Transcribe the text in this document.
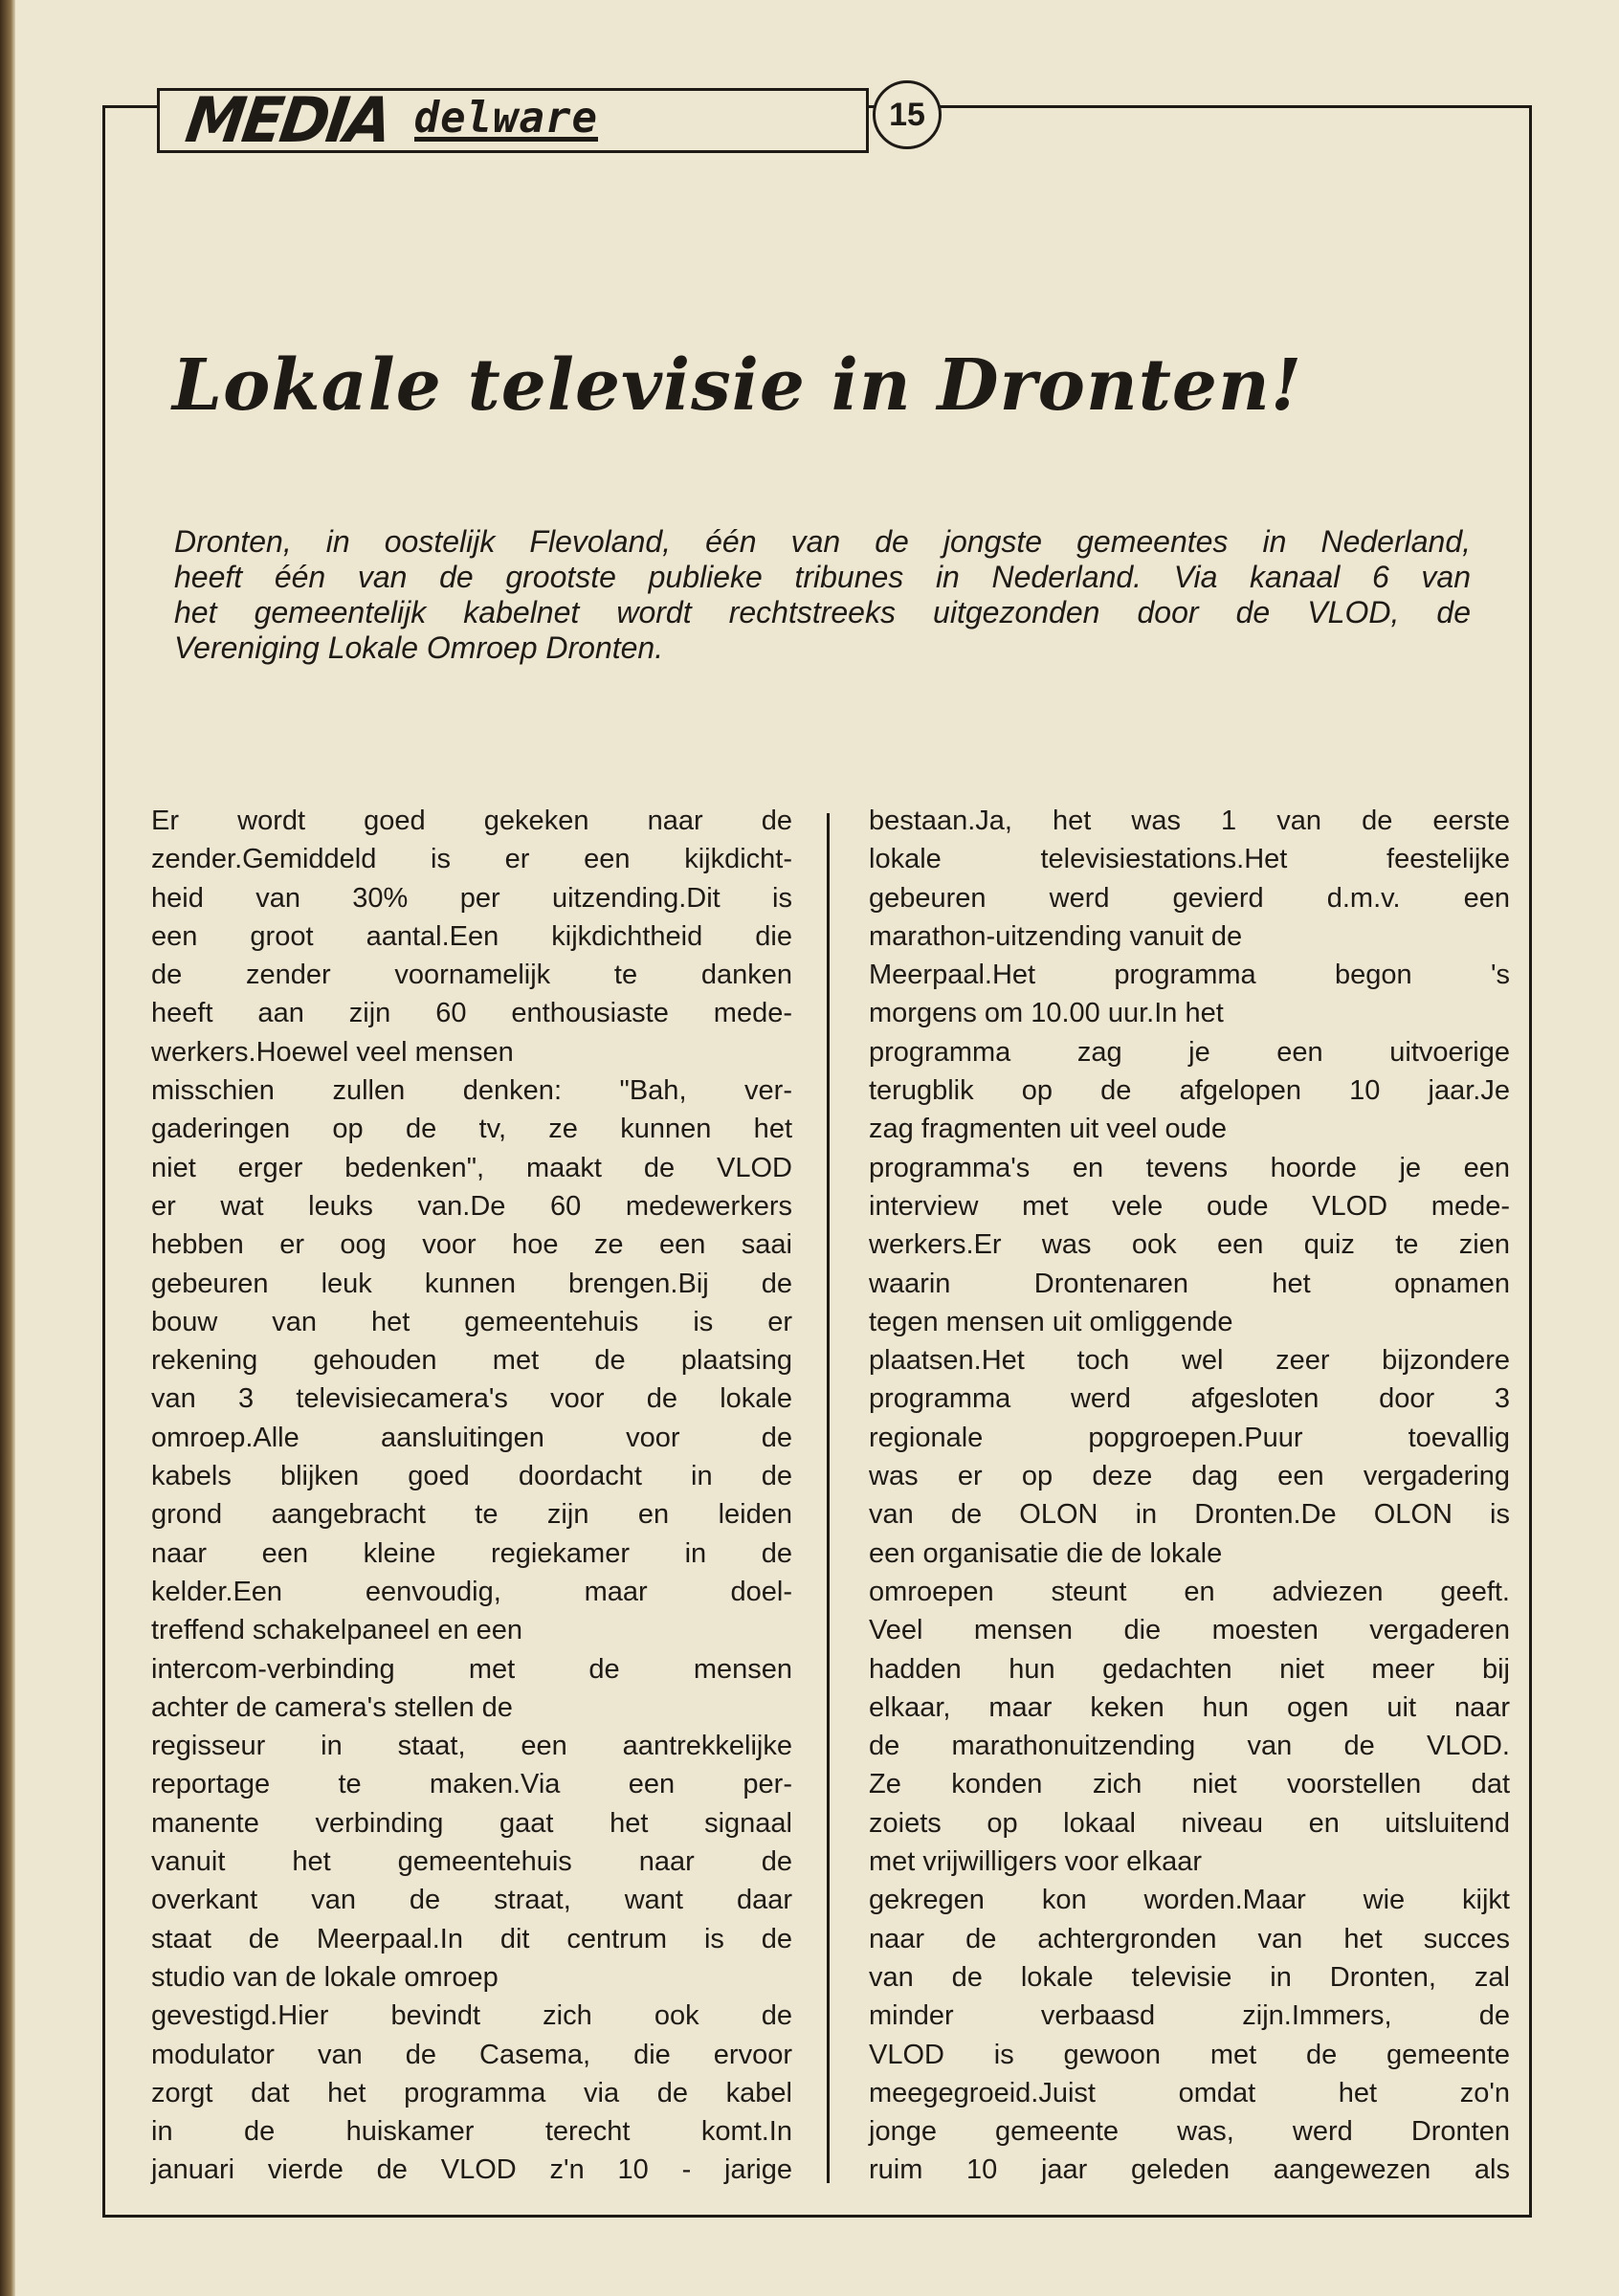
MEDIA delware	15
Lokale televisie in Dronten!
Dronten, in oostelijk Flevoland, één van de jongste gemeentes in Nederland,
heeft één van de grootste publieke tribunes in Nederland. Via kanaal 6 van
het gemeentelijk kabelnet wordt rechtstreeks uitgezonden door de VLOD, de
Vereniging Lokale Omroep Dronten.
Er wordt goed gekeken naar de
zender.Gemiddeld is er een kijkdicht-
heid van 30% per uitzending.Dit is
een groot aantal.Een kijkdichtheid die
de zender voornamelijk te danken
heeft aan zijn 60 enthousiaste mede-
werkers.Hoewel veel mensen
misschien zullen denken: "Bah, ver-
gaderingen op de tv, ze kunnen het
niet erger bedenken", maakt de VLOD
er wat leuks van.De 60 medewerkers
hebben er oog voor hoe ze een saai
gebeuren leuk kunnen brengen.Bij de
bouw van het gemeentehuis is er
rekening gehouden met de plaatsing
van 3 televisiecamera's voor de lokale
omroep.Alle aansluitingen voor de
kabels blijken goed doordacht in de
grond aangebracht te zijn en leiden
naar een kleine regiekamer in de
kelder.Een eenvoudig, maar doel-
treffend schakelpaneel en een
intercom-verbinding met de mensen
achter de camera's stellen de
regisseur in staat, een aantrekkelijke
reportage te maken.Via een per-
manente verbinding gaat het signaal
vanuit het gemeentehuis naar de
overkant van de straat, want daar
staat de Meerpaal.In dit centrum is de
studio van de lokale omroep
gevestigd.Hier bevindt zich ook de
modulator van de Casema, die ervoor
zorgt dat het programma via de kabel
in de huiskamer terecht komt.In
januari vierde de VLOD z'n 10 - jarige
bestaan.Ja, het was 1 van de eerste
lokale televisiestations.Het feestelijke
gebeuren werd gevierd d.m.v. een
marathon-uitzending vanuit de
Meerpaal.Het programma begon 's
morgens om 10.00 uur.In het
programma zag je een uitvoerige
terugblik op de afgelopen 10 jaar.Je
zag fragmenten uit veel oude
programma's en tevens hoorde je een
interview met vele oude VLOD mede-
werkers.Er was ook een quiz te zien
waarin Drontenaren het opnamen
tegen mensen uit omliggende
plaatsen.Het toch wel zeer bijzondere
programma werd afgesloten door 3
regionale popgroepen.Puur toevallig
was er op deze dag een vergadering
van de OLON in Dronten.De OLON is
een organisatie die de lokale
omroepen steunt en adviezen geeft.
Veel mensen die moesten vergaderen
hadden hun gedachten niet meer bij
elkaar, maar keken hun ogen uit naar
de marathonuitzending van de VLOD.
Ze konden zich niet voorstellen dat
zoiets op lokaal niveau en uitsluitend
met vrijwilligers voor elkaar
gekregen kon worden.Maar wie kijkt
naar de achtergronden van het succes
van de lokale televisie in Dronten, zal
minder verbaasd zijn.Immers, de
VLOD is gewoon met de gemeente
meegegroeid.Juist omdat het zo'n
jonge gemeente was, werd Dronten
ruim 10 jaar geleden aangewezen als
